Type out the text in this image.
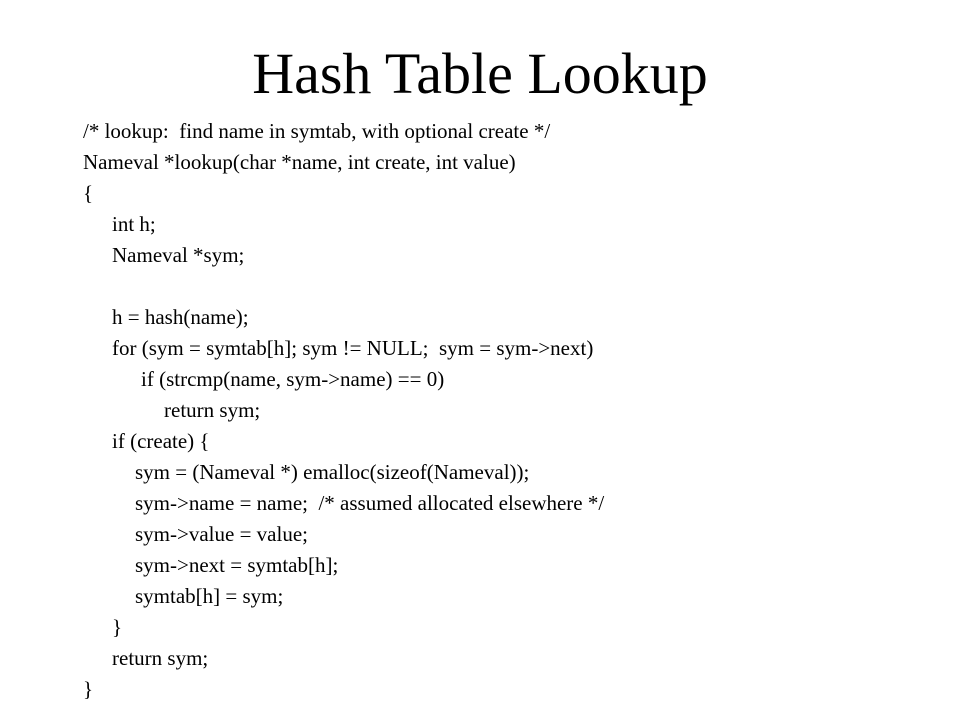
Hash Table Lookup
/* lookup:  find name in symtab, with optional create */
Nameval *lookup(char *name, int create, int value)
{
int h;
Nameval *sym;
h = hash(name);
for (sym = symtab[h]; sym != NULL;  sym = sym->next)
if (strcmp(name, sym->name) == 0)
return sym;
if (create) {
sym = (Nameval *) emalloc(sizeof(Nameval));
sym->name = name;  /* assumed allocated elsewhere */
sym->value = value;
sym->next = symtab[h];
symtab[h] = sym;
}
return sym;
}
